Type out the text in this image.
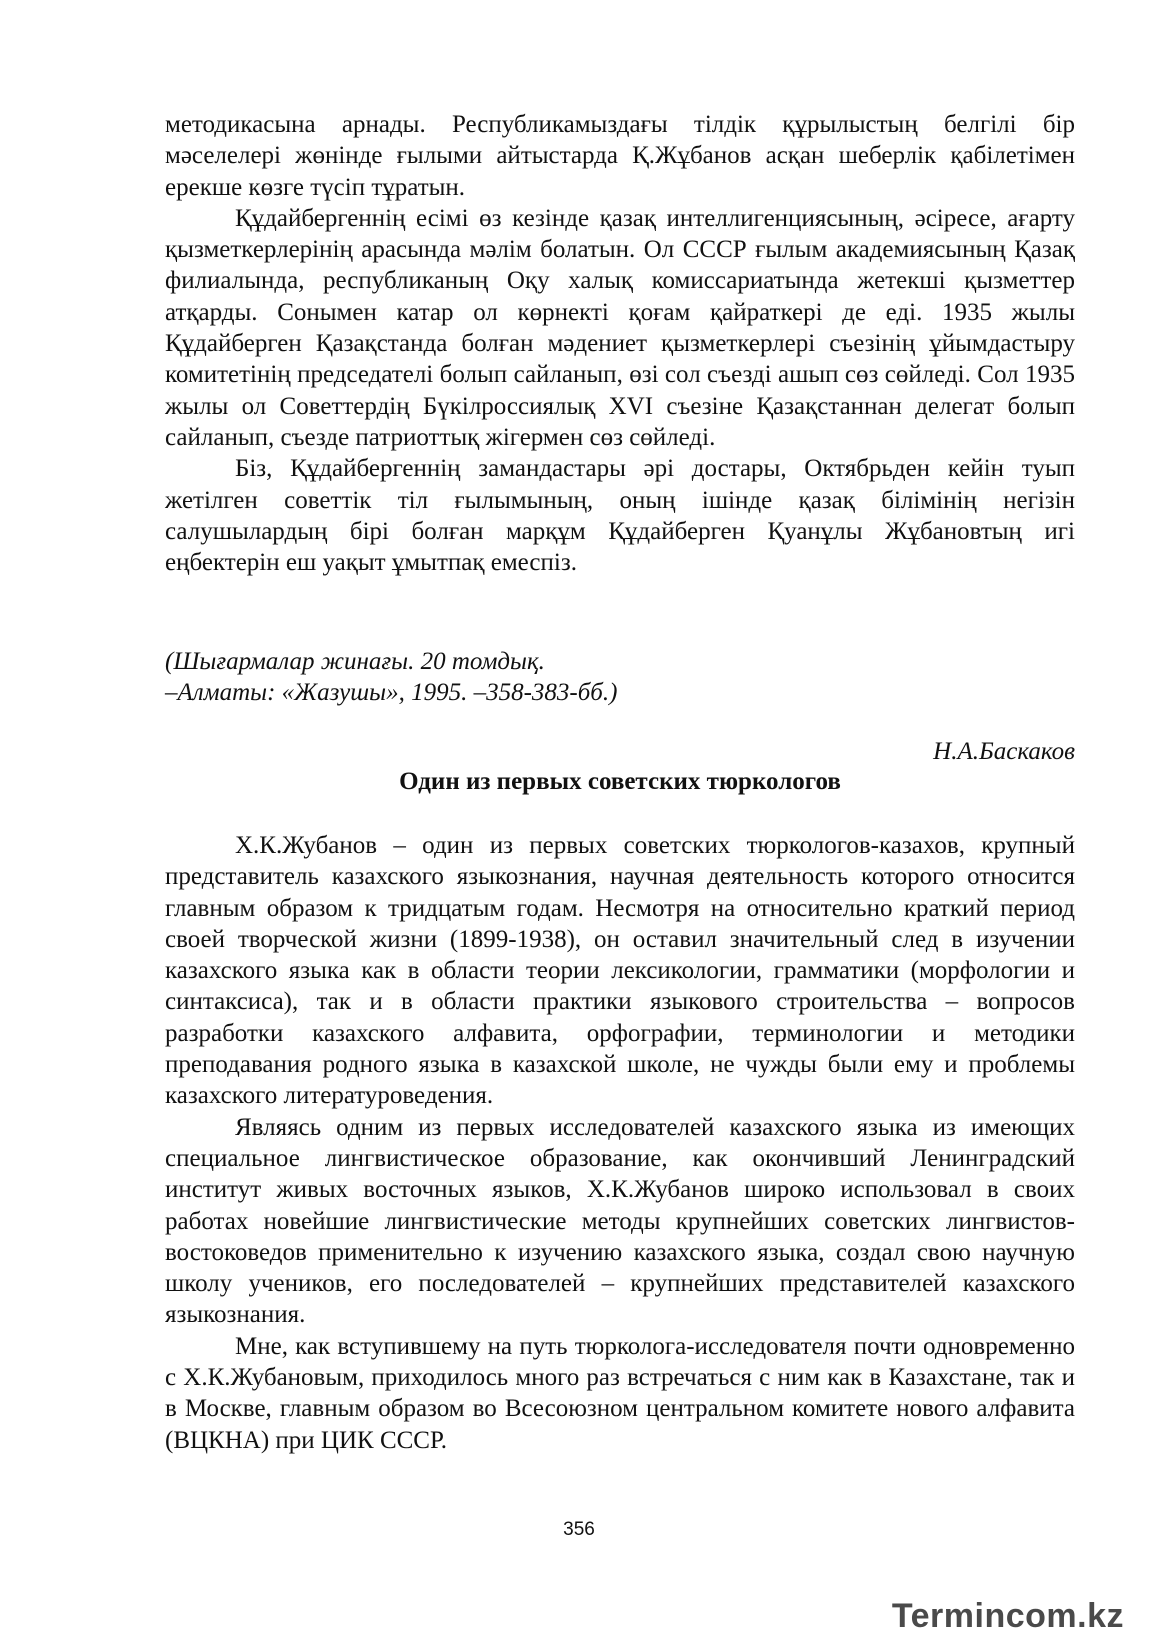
методикасына арнады. Республикамыздағы тілдік құрылыстың белгілі бір мәселелері жөнінде ғылыми айтыстарда Қ.Жұбанов асқан шеберлік қабілетімен ерекше көзге түсіп тұратын.

Құдайбергеннің есімі өз кезінде қазақ интеллигенциясының, әсіресе, ағарту қызметкерлерінің арасында мәлім болатын. Ол СССР ғылым академиясының Қазақ филиалында, республиканың Оқу халық комиссариатында жетекші қызметтер атқарды. Сонымен катар ол көрнекті қоғам қайраткері де еді. 1935 жылы Құдайберген Қазақстанда болған мәдениет қызметкерлері съезінің ұйымдастыру комитетінің председателі болып сайланып, өзі сол съезді ашып сөз сөйледі. Сол 1935 жылы ол Советтердің Бүкілроссиялық XVI съезіне Қазақстаннан делегат болып сайланып, съезде патриоттық жігермен сөз сөйледі.

Біз, Құдайбергеннің замандастары әрі достары, Октябрьден кейін туып жетілген советтік тіл ғылымының, оның ішінде қазақ білімінің негізін салушылардың бірі болған марқұм Құдайберген Қуанұлы Жұбановтың игі еңбектерін еш уақыт ұмытпақ емеспіз.

(Шығармалар жинағы. 20 томдық.
–Алматы: «Жазушы», 1995. –358-383-бб.)
Н.А.Баскаков
Один из первых советских тюркологов

Х.К.Жубанов – один из первых советских тюркологов-казахов, крупный представитель казахского языкознания, научная деятельность которого относится главным образом к тридцатым годам. Несмотря на относительно краткий период своей творческой жизни (1899-1938), он оставил значительный след в изучении казахского языка как в области теории лексикологии, грамматики (морфологии и синтаксиса), так и в области практики языкового строительства – вопросов разработки казахского алфавита, орфографии, терминологии и методики преподавания родного языка в казахской школе, не чужды были ему и проблемы казахского литературоведения.

Являясь одним из первых исследователей казахского языка из имеющих специальное лингвистическое образование, как окончивший Ленинградский институт живых восточных языков, Х.К.Жубанов широко использовал в своих работах новейшие лингвистические методы крупнейших советских лингвистов-востоковедов применительно к изучению казахского языка, создал свою научную школу учеников, его последователей – крупнейших представителей казахского языкознания.

Мне, как вступившему на путь тюрколога-исследователя почти одновременно с Х.К.Жубановым, приходилось много раз встречаться с ним как в Казахстане, так и в Москве, главным образом во Всесоюзном центральном комитете нового алфавита (ВЦКНА) при ЦИК СССР.

356
Termincom.kz
